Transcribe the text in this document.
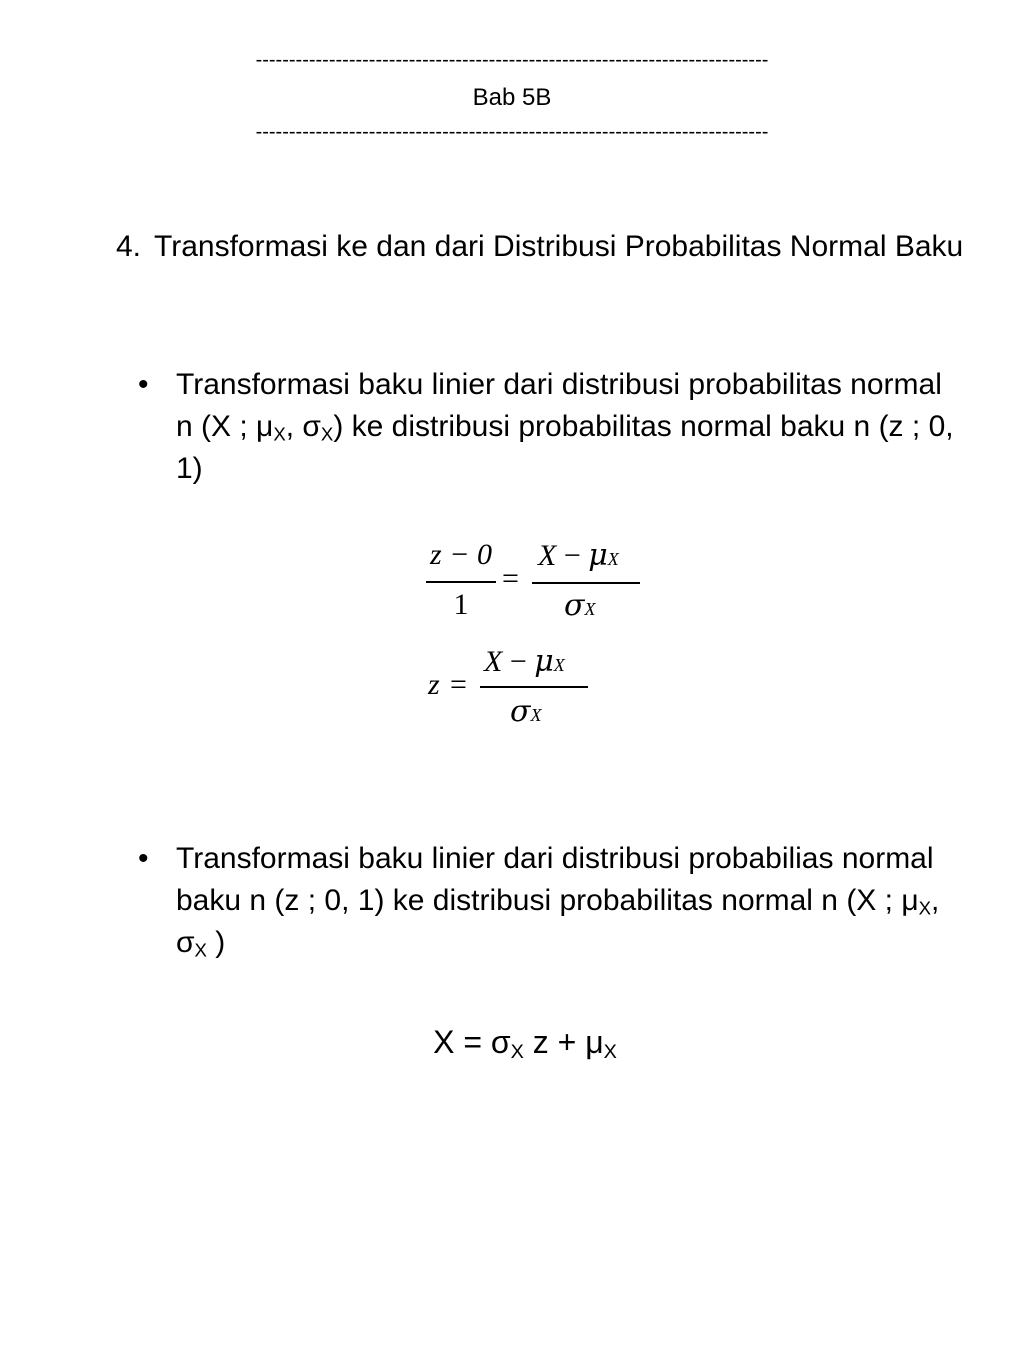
-----------------------------------------------------------------------------
Bab 5B
-----------------------------------------------------------------------------
4. Transformasi ke dan dari Distribusi Probabilitas Normal Baku
• Transformasi baku linier dari distribusi probabilitas normal n (X ; $\mu_X$, $\sigma_X$) ke distribusi probabilitas normal baku n (z ; 0, 1)
z − 0
1
=
X − μX
σX
z =
X − μX
σX
• Transformasi baku linier dari distribusi probabilias normal baku n (z ; 0, 1) ke distribusi probabilitas normal n (X ; $\mu_X$, $\sigma_X$ )
$X = \sigma_X$ $z + \mu_X$
